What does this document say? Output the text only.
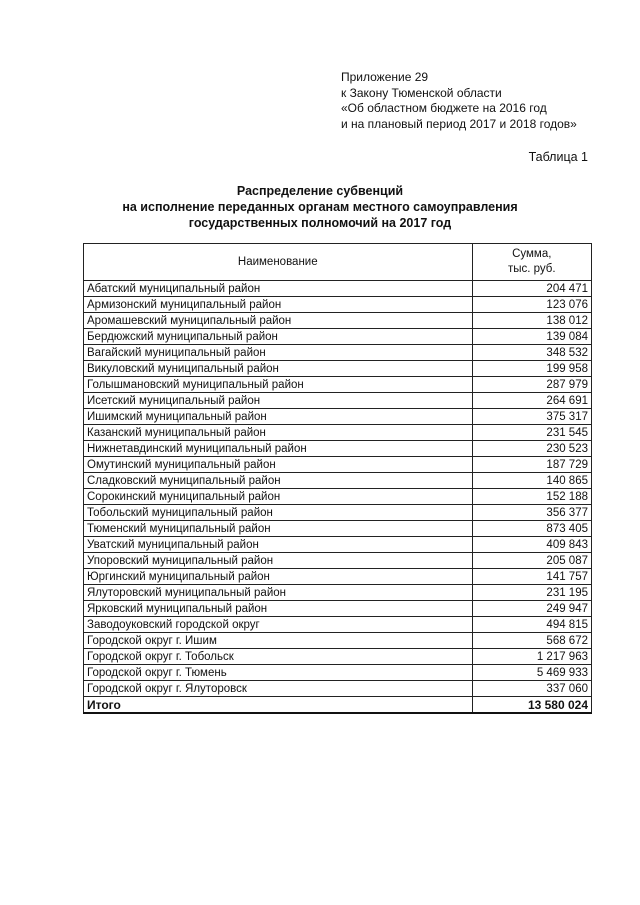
Приложение 29
к Закону Тюменской области
«Об областном бюджете на 2016 год
и на плановый период 2017 и 2018 годов»
Таблица 1
Распределение субвенций
на исполнение переданных органам местного самоуправления
государственных полномочий на 2017 год
Наименование	Сумма,
тыс. руб.

Абатский муниципальный район	204 471
Армизонский муниципальный район	123 076
Аромашевский муниципальный район	138 012
Бердюжский муниципальный район	139 084
Вагайский муниципальный район	348 532
Викуловский муниципальный район	199 958
Голышмановский муниципальный район	287 979
Исетский муниципальный район	264 691
Ишимский муниципальный район	375 317
Казанский муниципальный район	231 545
Нижнетавдинский муниципальный район	230 523
Омутинский муниципальный район	187 729
Сладковский муниципальный район	140 865
Сорокинский муниципальный район	152 188
Тобольский муниципальный район	356 377
Тюменский муниципальный район	873 405
Уватский муниципальный район	409 843
Упоровский муниципальный район	205 087
Юргинский муниципальный район	141 757
Ялуторовский муниципальный район	231 195
Ярковский муниципальный район	249 947
Заводоуковский городской округ	494 815
Городской округ г. Ишим	568 672
Городской округ г. Тобольск	1 217 963
Городской округ г. Тюмень	5 469 933
Городской округ г. Ялуторовск	337 060
Итого	13 580 024
